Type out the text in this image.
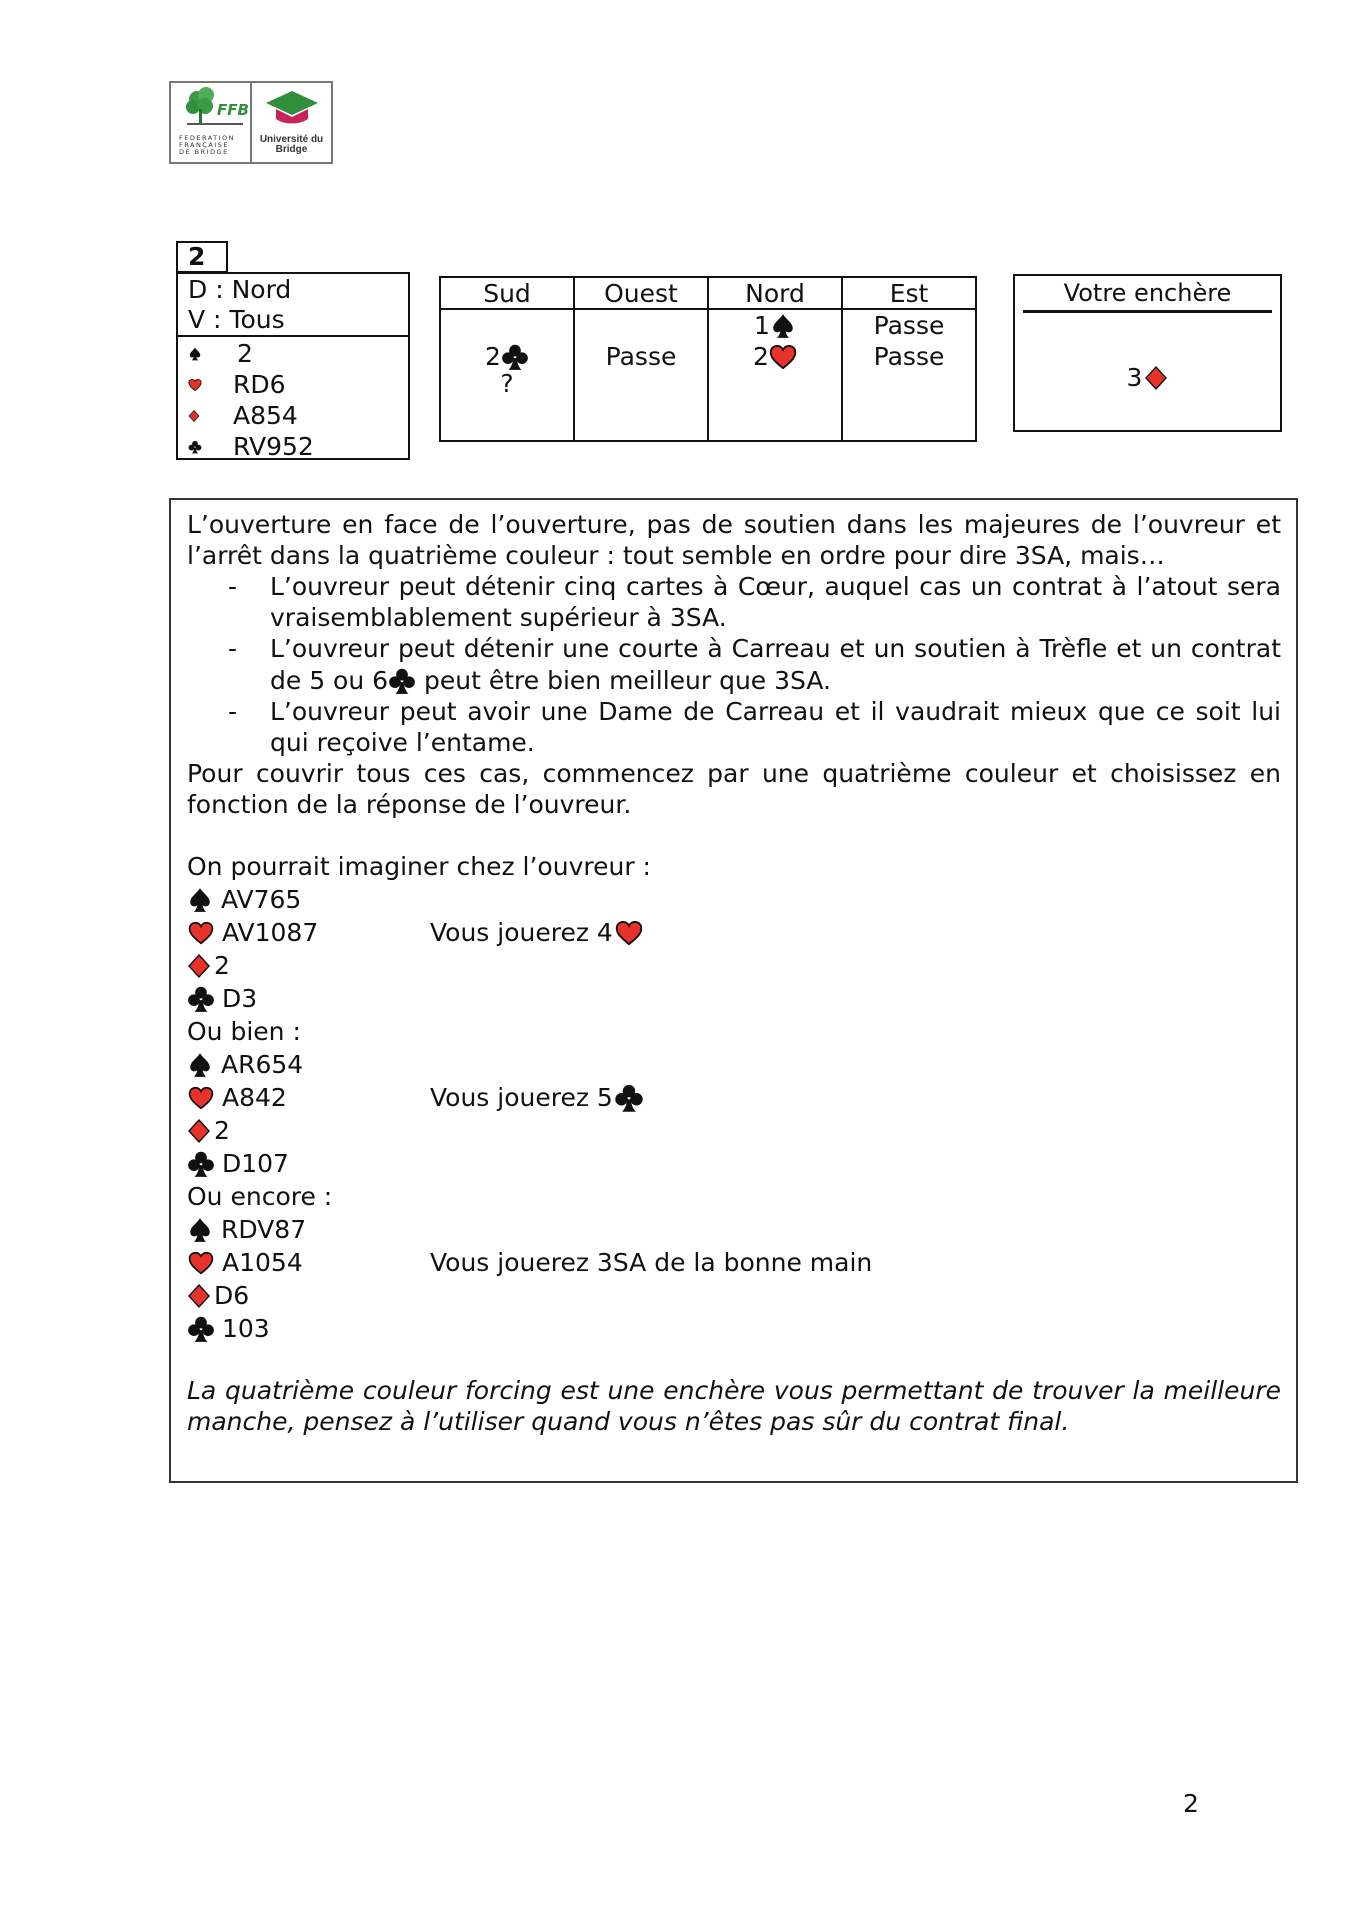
FFB
FEDERATION FRANÇAISE DE BRIDGE
Université du Bridge
2
D : Nord
V : Tous
2
RD6
A854
RV952
Sud
2
?
Ouest
Passe
Nord
1
2
Est
Passe
Passe
Votre enchère
3
L’ouverture en face de l’ouverture, pas de soutien dans les majeures de l’ouvreur et
l’arrêt dans la quatrième couleur : tout semble en ordre pour dire 3SA, mais…
- L’ouvreur peut détenir cinq cartes à Cœur, auquel cas un contrat à l’atout sera
vraisemblablement supérieur à 3SA.
- L’ouvreur peut détenir une courte à Carreau et un soutien à Trèfle et un contrat
de 5 ou 6 peut être bien meilleur que 3SA.
- L’ouvreur peut avoir une Dame de Carreau et il vaudrait mieux que ce soit lui
qui reçoive l’entame.
Pour couvrir tous ces cas, commencez par une quatrième couleur et choisissez en
fonction de la réponse de l’ouvreur.
On pourrait imaginer chez l’ouvreur :
AV765
AV1087
2
D3
Vous jouerez 4
Ou bien :
AR654
A842
2
D107
Vous jouerez 5
Ou encore :
RDV87
A1054
D6
103
Vous jouerez 3SA de la bonne main
La quatrième couleur forcing est une enchère vous permettant de trouver la meilleure
manche, pensez à l’utiliser quand vous n’êtes pas sûr du contrat final.
2
